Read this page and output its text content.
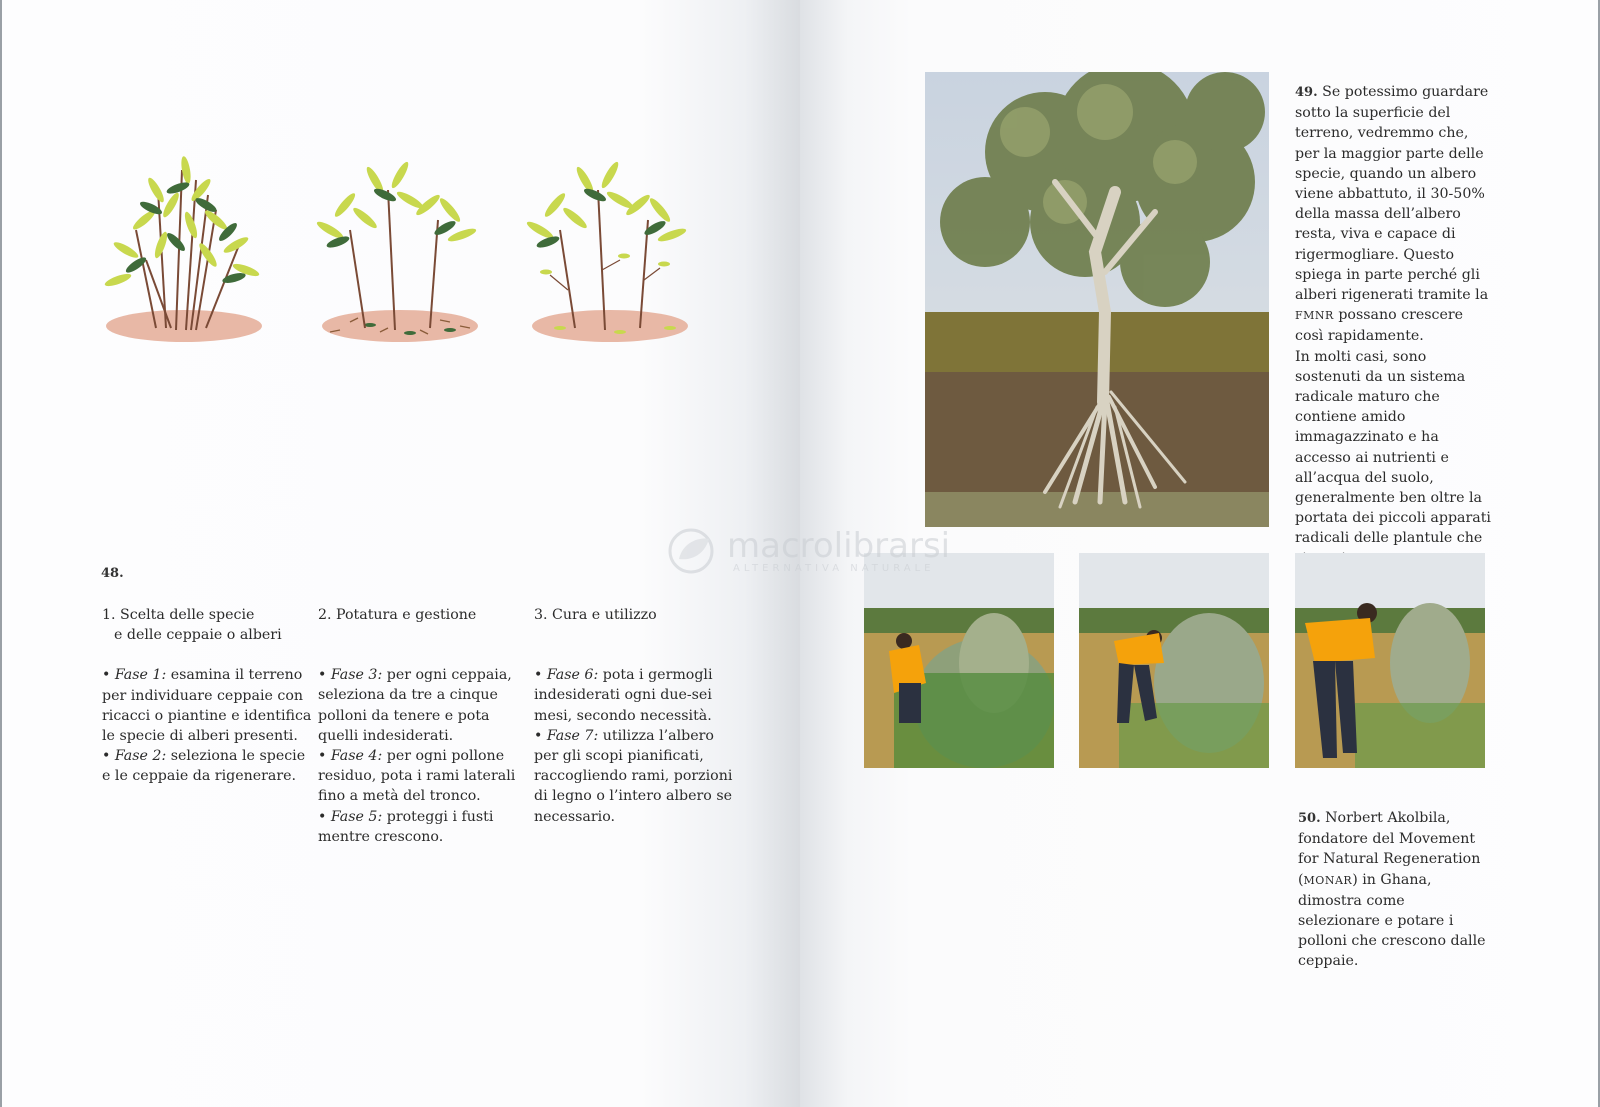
48.
1. Scelta delle specie
e delle ceppaie o alberi
• Fase 1: esamina il terreno per individuare ceppaie con ricacci o piantine e identifica le specie di alberi presenti.
• Fase 2: seleziona le specie e le ceppaie da rigenerare.
2. Potatura e gestione
• Fase 3: per ogni ceppaia, seleziona da tre a cinque polloni da tenere e pota quelli indesiderati.
• Fase 4: per ogni pollone residuo, pota i rami laterali fino a metà del tronco.
• Fase 5: proteggi i fusti mentre crescono.
3. Cura e utilizzo
• Fase 6: pota i germogli indesiderati ogni due-sei mesi, secondo necessità.
• Fase 7: utilizza l’albero per gli scopi pianificati, raccogliendo rami, porzioni di legno o l’intero albero se necessario.
49. Se potessimo guardare sotto la superficie del terreno, vedremmo che, per la maggior parte delle specie, quando un albero viene abbattuto, il 30-50% della massa dell’albero resta, viva e capace di rigermogliare. Questo spiega in parte perché gli alberi rigenerati tramite la FMNR possano crescere così rapidamente.
In molti casi, sono sostenuti da un sistema radicale maturo che contiene amido immagazzinato e ha accesso ai nutrienti e all’acqua del suolo, generalmente ben oltre la portata dei piccoli apparati radicali delle plantule che
50. Norbert Akolbila, fondatore del Movement for Natural Regeneration (MONAR) in Ghana, dimostra come selezionare e potare i polloni che crescono dalle ceppaie.
macrolibrarsi
ALTERNATIVA NATURALE
